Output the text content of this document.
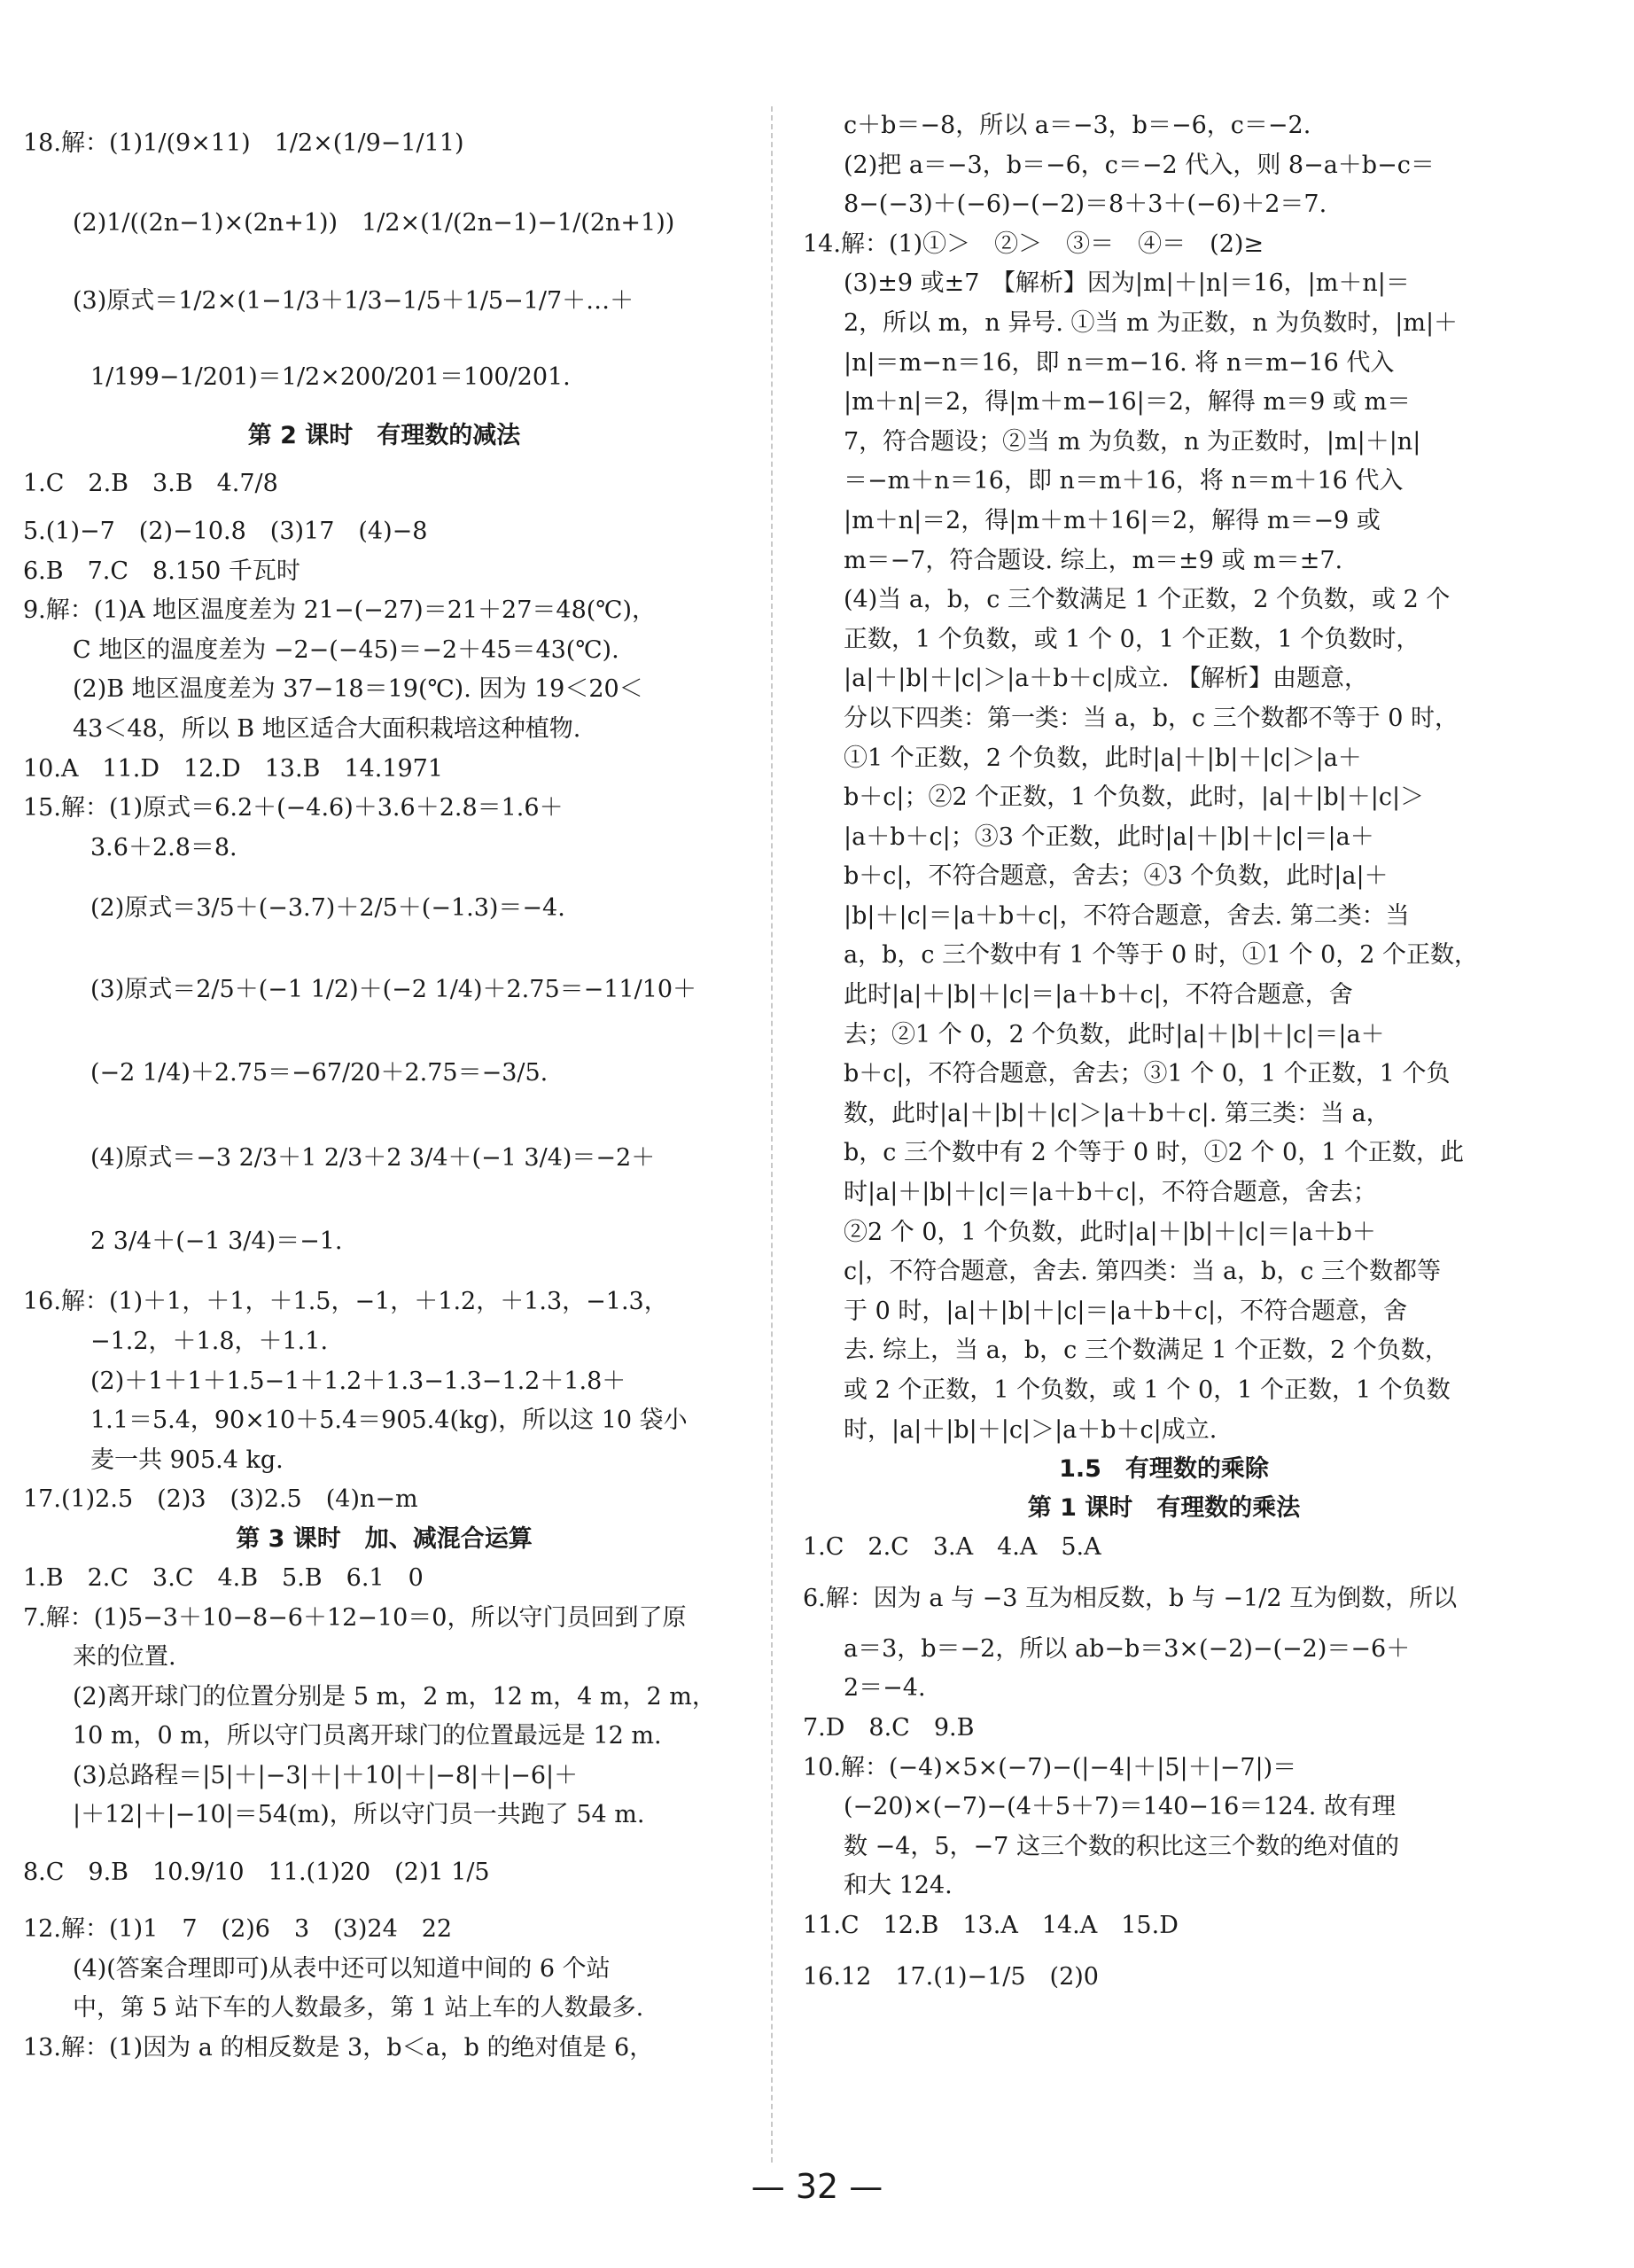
18.解：(1)1/(9×11)　1/2×(1/9−1/11)
(2)1/((2n−1)×(2n+1))　1/2×(1/(2n−1)−1/(2n+1))
(3)原式＝1/2×(1−1/3＋1/3−1/5＋1/5−1/7＋…＋
1/199−1/201)＝1/2×200/201＝100/201.
第 2 课时　有理数的减法
1.C　2.B　3.B　4.7/8
5.(1)−7　(2)−10.8　(3)17　(4)−8
6.B　7.C　8.150 千瓦时
9.解：(1)A 地区温度差为 21−(−27)＝21＋27＝48(℃)，
C 地区的温度差为 −2−(−45)＝−2＋45＝43(℃).
(2)B 地区温度差为 37−18＝19(℃). 因为 19＜20＜
43＜48，所以 B 地区适合大面积栽培这种植物.
10.A　11.D　12.D　13.B　14.1971
15.解：(1)原式＝6.2＋(−4.6)＋3.6＋2.8＝1.6＋
3.6＋2.8＝8.
(2)原式＝3/5＋(−3.7)＋2/5＋(−1.3)＝−4.
(3)原式＝2/5＋(−1 1/2)＋(−2 1/4)＋2.75＝−11/10＋
(−2 1/4)＋2.75＝−67/20＋2.75＝−3/5.
(4)原式＝−3 2/3＋1 2/3＋2 3/4＋(−1 3/4)＝−2＋
2 3/4＋(−1 3/4)＝−1.
16.解：(1)＋1，＋1，＋1.5，−1，＋1.2，＋1.3，−1.3，
−1.2，＋1.8，＋1.1.
(2)＋1＋1＋1.5−1＋1.2＋1.3−1.3−1.2＋1.8＋
1.1＝5.4，90×10＋5.4＝905.4(kg)，所以这 10 袋小
麦一共 905.4 kg.
17.(1)2.5　(2)3　(3)2.5　(4)n−m
第 3 课时　加、减混合运算
1.B　2.C　3.C　4.B　5.B　6.1　0
7.解：(1)5−3＋10−8−6＋12−10＝0，所以守门员回到了原
来的位置.
(2)离开球门的位置分别是 5 m，2 m，12 m，4 m，2 m，
10 m，0 m，所以守门员离开球门的位置最远是 12 m.
(3)总路程＝|5|＋|−3|＋|＋10|＋|−8|＋|−6|＋
|＋12|＋|−10|＝54(m)，所以守门员一共跑了 54 m.
8.C　9.B　10.9/10　11.(1)20　(2)1 1/5
12.解：(1)1　7　(2)6　3　(3)24　22
(4)(答案合理即可)从表中还可以知道中间的 6 个站
中，第 5 站下车的人数最多，第 1 站上车的人数最多.
13.解：(1)因为 a 的相反数是 3，b＜a，b 的绝对值是 6，
c＋b＝−8，所以 a＝−3，b＝−6，c＝−2.
(2)把 a＝−3，b＝−6，c＝−2 代入，则 8−a＋b−c＝
8−(−3)＋(−6)−(−2)＝8＋3＋(−6)＋2＝7.
14.解：(1)①＞　②＞　③＝　④＝　(2)≥
(3)±9 或±7　【解析】因为|m|＋|n|＝16，|m＋n|＝
2，所以 m，n 异号. ①当 m 为正数，n 为负数时，|m|＋
|n|＝m−n＝16，即 n＝m−16. 将 n＝m−16 代入
|m＋n|＝2，得|m＋m−16|＝2，解得 m＝9 或 m＝
7，符合题设；②当 m 为负数，n 为正数时，|m|＋|n|
＝−m＋n＝16，即 n＝m＋16，将 n＝m＋16 代入
|m＋n|＝2，得|m＋m＋16|＝2，解得 m＝−9 或
m＝−7，符合题设. 综上，m＝±9 或 m＝±7.
(4)当 a，b，c 三个数满足 1 个正数，2 个负数，或 2 个
正数，1 个负数，或 1 个 0，1 个正数，1 个负数时，
|a|＋|b|＋|c|＞|a＋b＋c|成立. 【解析】由题意，
分以下四类：第一类：当 a，b，c 三个数都不等于 0 时，
①1 个正数，2 个负数，此时|a|＋|b|＋|c|＞|a＋
b＋c|；②2 个正数，1 个负数，此时，|a|＋|b|＋|c|＞
|a＋b＋c|；③3 个正数，此时|a|＋|b|＋|c|＝|a＋
b＋c|，不符合题意，舍去；④3 个负数，此时|a|＋
|b|＋|c|＝|a＋b＋c|，不符合题意，舍去. 第二类：当
a，b，c 三个数中有 1 个等于 0 时，①1 个 0，2 个正数，
此时|a|＋|b|＋|c|＝|a＋b＋c|，不符合题意，舍
去；②1 个 0，2 个负数，此时|a|＋|b|＋|c|＝|a＋
b＋c|，不符合题意，舍去；③1 个 0，1 个正数，1 个负
数，此时|a|＋|b|＋|c|＞|a＋b＋c|. 第三类：当 a，
b，c 三个数中有 2 个等于 0 时，①2 个 0，1 个正数，此
时|a|＋|b|＋|c|＝|a＋b＋c|，不符合题意，舍去；
②2 个 0，1 个负数，此时|a|＋|b|＋|c|＝|a＋b＋
c|，不符合题意，舍去. 第四类：当 a，b，c 三个数都等
于 0 时，|a|＋|b|＋|c|＝|a＋b＋c|，不符合题意，舍
去. 综上，当 a，b，c 三个数满足 1 个正数，2 个负数，
或 2 个正数，1 个负数，或 1 个 0，1 个正数，1 个负数
时，|a|＋|b|＋|c|＞|a＋b＋c|成立.
1.5　有理数的乘除
第 1 课时　有理数的乘法
1.C　2.C　3.A　4.A　5.A
6.解：因为 a 与 −3 互为相反数，b 与 −1/2 互为倒数，所以
a＝3，b＝−2，所以 ab−b＝3×(−2)−(−2)＝−6＋
2＝−4.
7.D　8.C　9.B
10.解：(−4)×5×(−7)−(|−4|＋|5|＋|−7|)＝
(−20)×(−7)−(4＋5＋7)＝140−16＝124. 故有理
数 −4，5，−7 这三个数的积比这三个数的绝对值的
和大 124.
11.C　12.B　13.A　14.A　15.D
16.12　17.(1)−1/5　(2)0
— 32 —
